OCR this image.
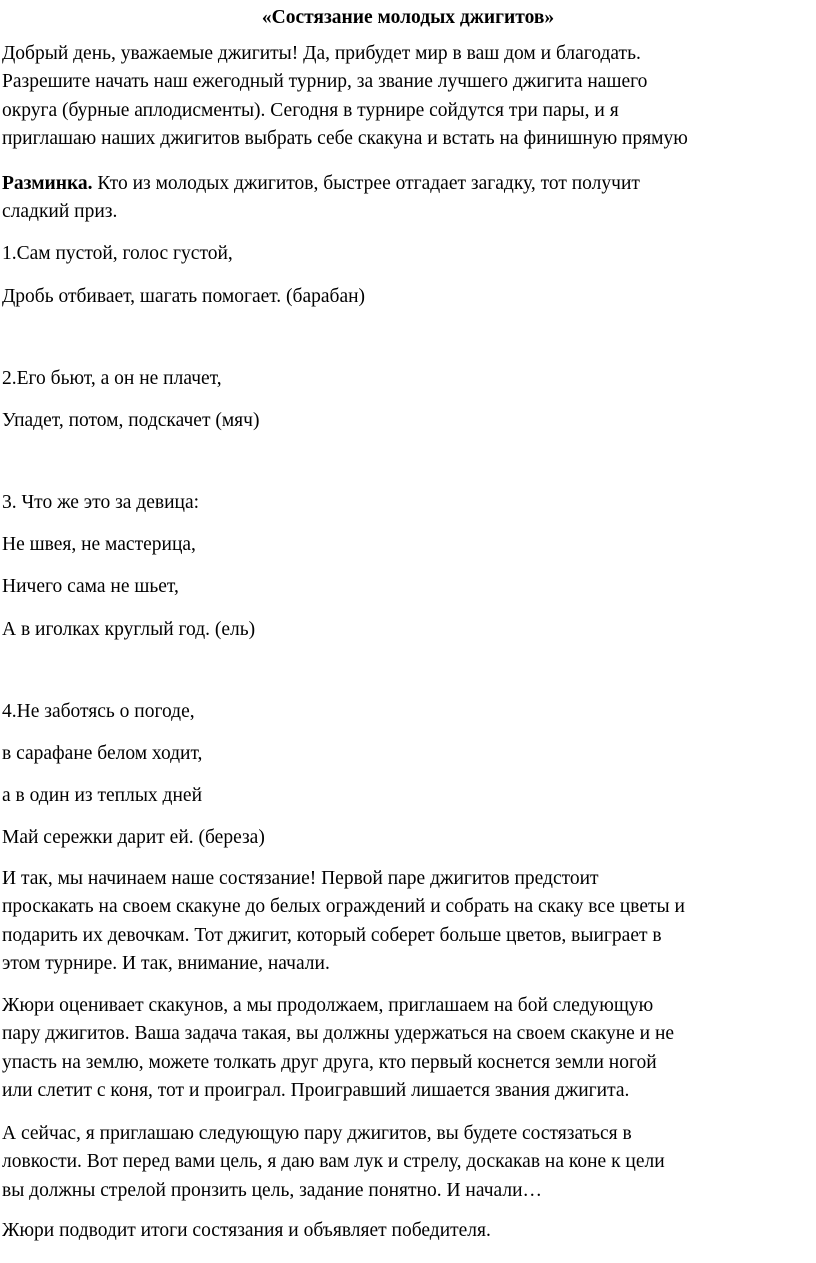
«Состязание молодых джигитов»
Добрый день, уважаемые джигиты! Да, прибудет мир в ваш дом и благодать.
Разрешите начать наш ежегодный турнир, за звание лучшего джигита нашего
округа (бурные аплодисменты). Сегодня в турнире сойдутся три пары, и я
приглашаю наших джигитов выбрать себе скакуна и встать на финишную прямую
Разминка. Кто из молодых джигитов, быстрее отгадает загадку, тот получит
сладкий приз.
1.Сам пустой, голос густой,
Дробь отбивает, шагать помогает. (барабан)
2.Его бьют, а он не плачет,
Упадет, потом, подскачет (мяч)
3. Что же это за девица:
Не швея, не мастерица,
Ничего сама не шьет,
А в иголках круглый год. (ель)
4.Не заботясь о погоде,
в сарафане белом ходит,
а в один из теплых дней
Май сережки дарит ей. (береза)
И так, мы начинаем наше состязание! Первой паре джигитов предстоит
проскакать на своем скакуне до белых ограждений и собрать на скаку все цветы и
подарить их девочкам. Тот джигит, который соберет больше цветов, выиграет в
этом турнире. И так, внимание, начали.
Жюри оценивает скакунов, а мы продолжаем, приглашаем на бой следующую
пару джигитов. Ваша задача такая, вы должны удержаться на своем скакуне и не
упасть на землю, можете толкать друг друга, кто первый коснется земли ногой
или слетит с коня, тот и проиграл. Проигравший лишается звания джигита.
А сейчас, я приглашаю следующую пару джигитов, вы будете состязаться в
ловкости. Вот перед вами цель, я даю вам лук и стрелу, доскакав на коне к цели
вы должны стрелой пронзить цель, задание понятно. И начали…
Жюри подводит итоги состязания и объявляет победителя.
